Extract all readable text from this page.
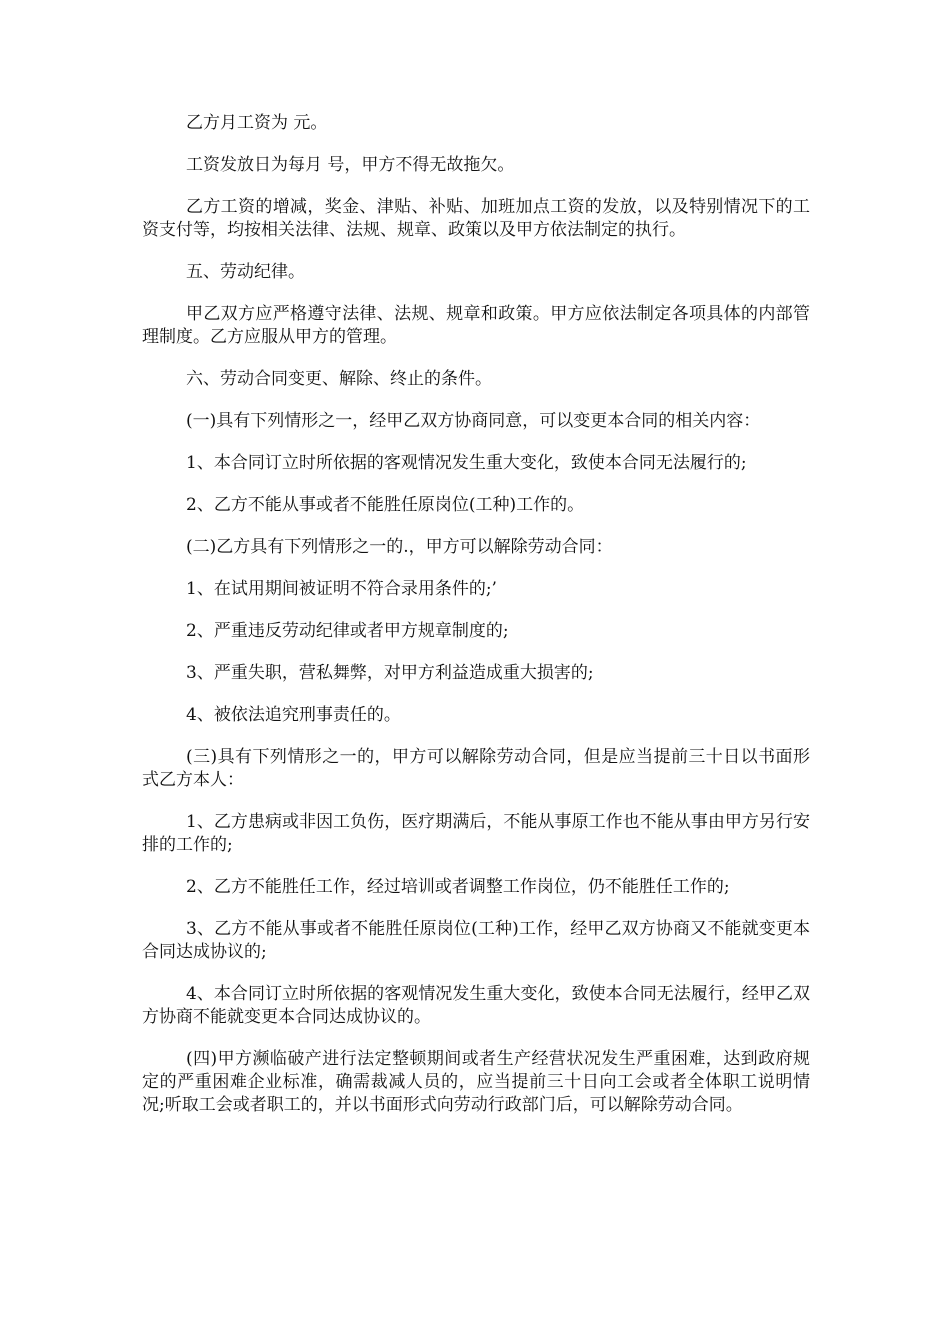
乙方月工资为 元。

工资发放日为每月 号，甲方不得无故拖欠。

乙方工资的增减，奖金、津贴、补贴、加班加点工资的发放，以及特别情况下的工资支付等，均按相关法律、法规、规章、政策以及甲方依法制定的执行。

五、劳动纪律。

甲乙双方应严格遵守法律、法规、规章和政策。甲方应依法制定各项具体的内部管理制度。乙方应服从甲方的管理。

六、劳动合同变更、解除、终止的条件。

(一)具有下列情形之一，经甲乙双方协商同意，可以变更本合同的相关内容：

1、本合同订立时所依据的客观情况发生重大变化，致使本合同无法履行的;

2、乙方不能从事或者不能胜任原岗位(工种)工作的。

(二)乙方具有下列情形之一的.，甲方可以解除劳动合同：

1、在试用期间被证明不符合录用条件的;’

2、严重违反劳动纪律或者甲方规章制度的;

3、严重失职，营私舞弊，对甲方利益造成重大损害的;

4、被依法追究刑事责任的。

(三)具有下列情形之一的，甲方可以解除劳动合同，但是应当提前三十日以书面形式乙方本人：

1、乙方患病或非因工负伤，医疗期满后，不能从事原工作也不能从事由甲方另行安排的工作的;

2、乙方不能胜任工作，经过培训或者调整工作岗位，仍不能胜任工作的;

3、乙方不能从事或者不能胜任原岗位(工种)工作，经甲乙双方协商又不能就变更本合同达成协议的;

4、本合同订立时所依据的客观情况发生重大变化，致使本合同无法履行，经甲乙双方协商不能就变更本合同达成协议的。

(四)甲方濒临破产进行法定整顿期间或者生产经营状况发生严重困难，达到政府规定的严重困难企业标准，确需裁减人员的，应当提前三十日向工会或者全体职工说明情况;听取工会或者职工的，并以书面形式向劳动行政部门后，可以解除劳动合同。
